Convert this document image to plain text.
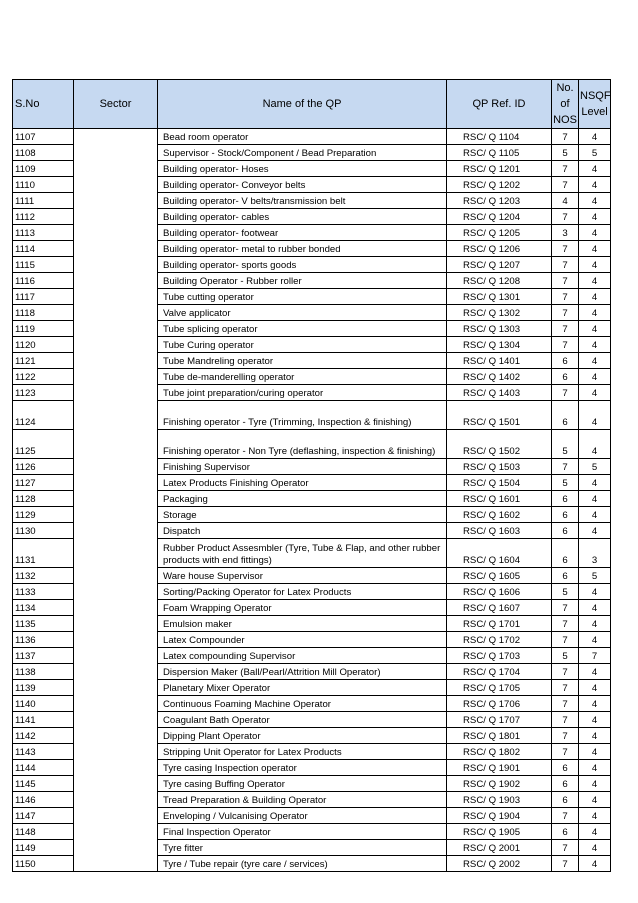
S.No	Sector	Name of the QP	QP Ref. ID	No. of NOS	NSQF Level
1107		Bead room operator	RSC/ Q 1104	7	4
1108		Supervisor - Stock/Component / Bead Preparation	RSC/ Q 1105	5	5
1109		Building operator- Hoses	RSC/ Q 1201	7	4
1110		Building operator- Conveyor belts	RSC/ Q 1202	7	4
1111		Building operator- V belts/transmission belt	RSC/ Q 1203	4	4
1112		Building operator- cables	RSC/ Q 1204	7	4
1113		Building operator- footwear	RSC/ Q 1205	3	4
1114		Building operator- metal to rubber bonded	RSC/ Q 1206	7	4
1115		Building operator- sports goods	RSC/ Q 1207	7	4
1116		Building Operator - Rubber roller	RSC/ Q 1208	7	4
1117		Tube cutting operator	RSC/ Q 1301	7	4
1118		Valve applicator	RSC/ Q 1302	7	4
1119		Tube splicing operator	RSC/ Q 1303	7	4
1120		Tube Curing operator	RSC/ Q 1304	7	4
1121		Tube Mandreling operator	RSC/ Q 1401	6	4
1122		Tube de-manderelling operator	RSC/ Q 1402	6	4
1123		Tube joint preparation/curing operator	RSC/ Q 1403	7	4
1124		Finishing operator - Tyre (Trimming, Inspection & finishing)	RSC/ Q 1501	6	4
1125		Finishing operator - Non Tyre (deflashing, inspection & finishing)	RSC/ Q 1502	5	4
1126		Finishing Supervisor	RSC/ Q 1503	7	5
1127		Latex Products Finishing Operator	RSC/ Q 1504	5	4
1128		Packaging	RSC/ Q 1601	6	4
1129		Storage	RSC/ Q 1602	6	4
1130		Dispatch	RSC/ Q 1603	6	4
1131		Rubber Product Assesmbler (Tyre, Tube & Flap, and other rubber products with end fittings)	RSC/ Q 1604	6	3
1132		Ware house Supervisor	RSC/ Q 1605	6	5
1133		Sorting/Packing Operator for Latex Products	RSC/ Q 1606	5	4
1134		Foam Wrapping Operator	RSC/ Q 1607	7	4
1135		Emulsion maker	RSC/ Q 1701	7	4
1136		Latex Compounder	RSC/ Q 1702	7	4
1137		Latex compounding Supervisor	RSC/ Q 1703	5	7
1138		Dispersion Maker (Ball/Pearl/Attrition Mill Operator)	RSC/ Q 1704	7	4
1139		Planetary Mixer Operator	RSC/ Q 1705	7	4
1140		Continuous Foaming Machine Operator	RSC/ Q 1706	7	4
1141		Coagulant Bath Operator	RSC/ Q 1707	7	4
1142		Dipping Plant Operator	RSC/ Q 1801	7	4
1143		Stripping Unit Operator for Latex Products	RSC/ Q 1802	7	4
1144		Tyre casing Inspection operator	RSC/ Q 1901	6	4
1145		Tyre casing Buffing Operator	RSC/ Q 1902	6	4
1146		Tread Preparation & Building Operator	RSC/ Q 1903	6	4
1147		Enveloping / Vulcanising Operator	RSC/ Q 1904	7	4
1148		Final Inspection Operator	RSC/ Q 1905	6	4
1149		Tyre fitter	RSC/ Q 2001	7	4
1150		Tyre / Tube repair (tyre care / services)	RSC/ Q 2002	7	4
